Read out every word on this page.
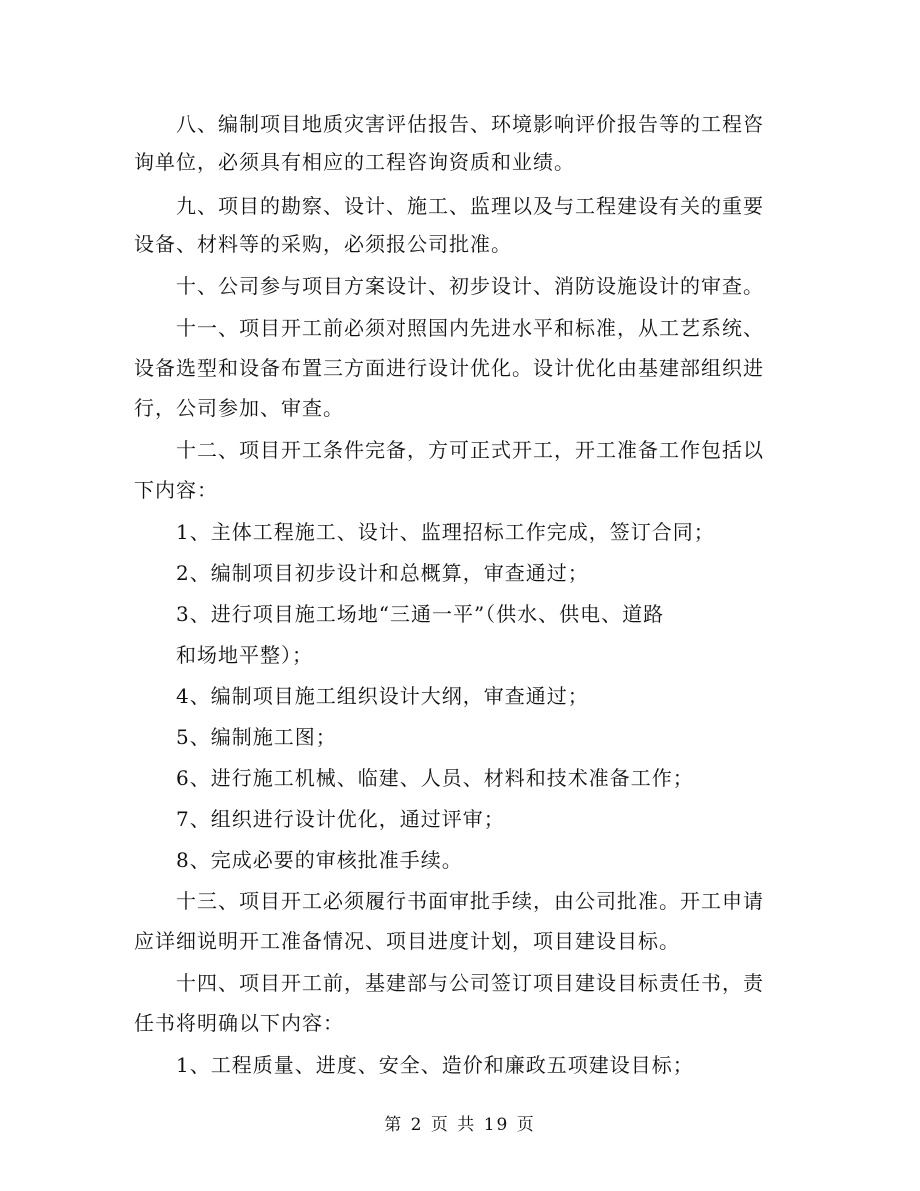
八、编制项目地质灾害评估报告、环境影响评价报告等的工程咨
询单位，必须具有相应的工程咨询资质和业绩。
九、项目的勘察、设计、施工、监理以及与工程建设有关的重要
设备、材料等的采购，必须报公司批准。
十、公司参与项目方案设计、初步设计、消防设施设计的审查。
十一、项目开工前必须对照国内先进水平和标准，从工艺系统、
设备选型和设备布置三方面进行设计优化。设计优化由基建部组织进
行，公司参加、审查。
十二、项目开工条件完备，方可正式开工，开工准备工作包括以
下内容：
1、主体工程施工、设计、监理招标工作完成，签订合同；
2、编制项目初步设计和总概算，审查通过；
3、进行项目施工场地“三通一平”（供水、供电、道路
和场地平整）；
4、编制项目施工组织设计大纲，审查通过；
5、编制施工图；
6、进行施工机械、临建、人员、材料和技术准备工作；
7、组织进行设计优化，通过评审；
8、完成必要的审核批准手续。
十三、项目开工必须履行书面审批手续，由公司批准。开工申请
应详细说明开工准备情况、项目进度计划，项目建设目标。
十四、项目开工前，基建部与公司签订项目建设目标责任书，责
任书将明确以下内容：
1、工程质量、进度、安全、造价和廉政五项建设目标；
第 2 页 共 19 页
